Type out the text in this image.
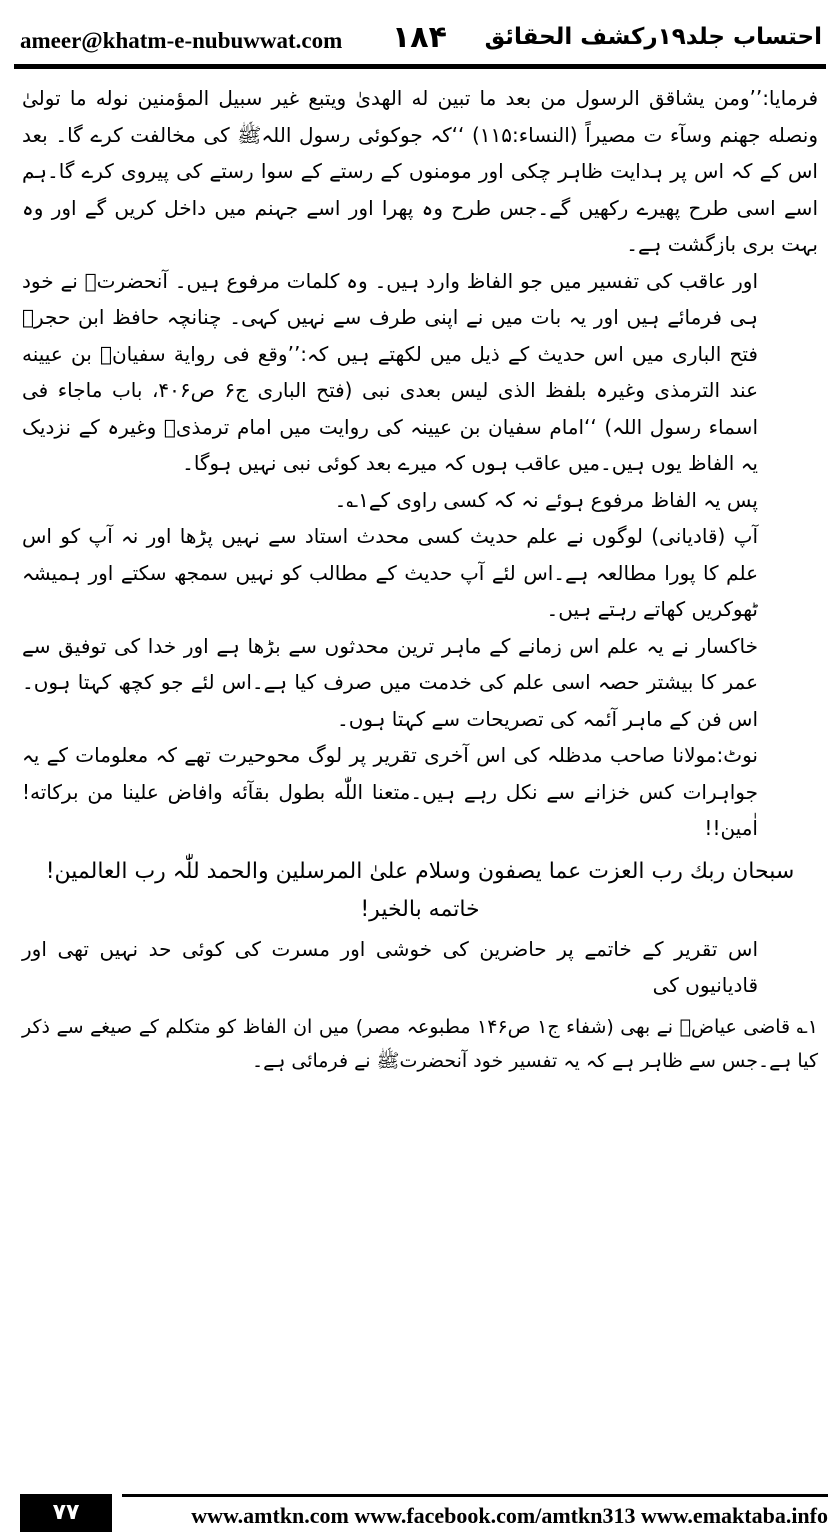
ameer@khatm-e-nubuwwat.com ۱۸۴ احتساب جلد۱۹رکشف الحقائق

فرمایا:’’ومن یشاقق الرسول من بعد ما تبین له الهدیٰ ویتبع غیر سبیل المؤمنین نوله ما تولیٰ ونصله جهنم وسآء ت مصیراً (النساء:۱۱۵) ‘‘کہ جوکوئی رسول اللہﷺ کی مخالفت کرے گا۔ بعد اس کے کہ اس پر ہدایت ظاہر چکی اور مومنوں کے رستے کے سوا رستے کی پیروی کرے گا۔ہم اسے اسی طرح پھیرے رکھیں گے۔جس طرح وہ پھرا اور اسے جہنم میں داخل کریں گے اور وہ بہت بری بازگشت ہے۔

اور عاقب کی تفسیر میں جو الفاظ وارد ہیں۔ وہ کلمات مرفوع ہیں۔ آنحضرتﷺ نے خود ہی فرمائے ہیں اور یہ بات میں نے اپنی طرف سے نہیں کہی۔ چنانچہ حافظ ابن حجرؒ فتح الباری میں اس حدیث کے ذیل میں لکھتے ہیں کہ:’’وقع فی روایة سفیانؓ بن عیینه عند الترمذی وغیرہ بلفظ الذی لیس بعدی نبی (فتح الباری ج۶ ص۴۰۶، باب ماجاء فی اسماء رسول اللہ) ‘‘امام سفیان بن عیینہ کی روایت میں امام ترمذیؒ وغیرہ کے نزدیک یہ الفاظ یوں ہیں۔میں عاقب ہوں کہ میرے بعد کوئی نبی نہیں ہوگا۔

پس یہ الفاظ مرفوع ہوئے نہ کہ کسی راوی کے۱؎۔

آپ (قادیانی) لوگوں نے علم حدیث کسی محدث استاد سے نہیں پڑھا اور نہ آپ کو اس علم کا پورا مطالعہ ہے۔اس لئے آپ حدیث کے مطالب کو نہیں سمجھ سکتے اور ہمیشہ ٹھوکریں کھاتے رہتے ہیں۔

خاکسار نے یہ علم اس زمانے کے ماہر ترین محدثوں سے بڑھا ہے اور خدا کی توفیق سے عمر کا بیشتر حصہ اسی علم کی خدمت میں صرف کیا ہے۔اس لئے جو کچھ کہتا ہوں۔اس فن کے ماہر آئمہ کی تصریحات سے کہتا ہوں۔

نوٹ:مولانا صاحب مدظلہ کی اس آخری تقریر پر لوگ محوحیرت تھے کہ معلومات کے یہ جواہرات کس خزانے سے نکل رہے ہیں۔متعنا اللّٰه بطول بقآئه وافاض علینا من برکاته! اٰمین!!

سبحان ربك رب العزت عما یصفون وسلام علیٰ المرسلین والحمد للّٰہ رب العالمین!خاتمه بالخیر!

اس تقریر کے خاتمے پر حاضرین کی خوشی اور مسرت کی کوئی حد نہیں تھی اور قادیانیوں کی

۱؎ قاضی عیاضؒ نے بھی (شفاء ج۱ ص۱۴۶ مطبوعہ مصر) میں ان الفاظ کو متکلم کے صیغے سے ذکر کیا ہے۔جس سے ظاہر ہے کہ یہ تفسیر خود آنحضرتﷺ نے فرمائی ہے۔

۷۷	www.amtkn.com www.facebook.com/amtkn313 www.emaktaba.info
